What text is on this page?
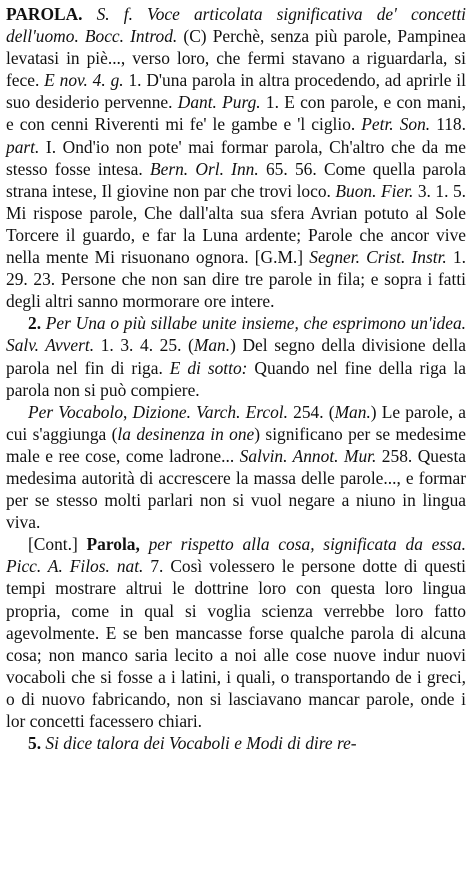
PAROLA. S. f. Voce articolata significativa de' concetti dell'uomo. Bocc. Introd. (C) Perchè, senza più parole, Pampinea levatasi in piè..., verso loro, che fermi stavano a riguardarla, si fece. E nov. 4. g. 1. D'una parola in altra procedendo, ad aprirle il suo desiderio pervenne. Dant. Purg. 1. E con parole, e con mani, e con cenni Riverenti mi fe' le gambe e 'l ciglio. Petr. Son. 118. part. I. Ond'io non pote' mai formar parola, Ch'altro che da me stesso fosse intesa. Bern. Orl. Inn. 65. 56. Come quella parola strana intese, Il giovine non par che trovi loco. Buon. Fier. 3. 1. 5. Mi rispose parole, Che dall'alta sua sfera Avrian potuto al Sole Torcere il guardo, e far la Luna ardente; Parole che ancor vive nella mente Mi risuonano ognora. [G.M.] Segner. Crist. Instr. 1. 29. 23. Persone che non san dire tre parole in fila; e sopra i fatti degli altri sanno mormorare ore intere.

2. Per Una o più sillabe unite insieme, che esprimono un'idea. Salv. Avvert. 1. 3. 4. 25. (Man.) Del segno della divisione della parola nel fin di riga. E di sotto: Quando nel fine della riga la parola non si può compiere.

Per Vocabolo, Dizione. Varch. Ercol. 254. (Man.) Le parole, a cui s'aggiunga (la desinenza in one) significano per se medesime male e ree cose, come ladrone... Salvin. Annot. Mur. 258. Questa medesima autorità di accrescere la massa delle parole..., e formar per se stesso molti parlari non si vuol negare a niuno in lingua viva.

[Cont.] Parola, per rispetto alla cosa, significata da essa. Picc. A. Filos. nat. 7. Così volessero le persone dotte di questi tempi mostrare altrui le dottrine loro con questa loro lingua propria, come in qual si voglia scienza verrebbe loro fatto agevolmente. E se ben mancasse forse qualche parola di alcuna cosa; non manco saria lecito a noi alle cose nuove indur nuovi vocaboli che si fosse a i latini, i quali, o transportando de i greci, o di nuovo fabricando, non si lasciavano mancar parole, onde i lor concetti facessero chiari.

5. Si dice talora dei Vocaboli e Modi di dire re-
